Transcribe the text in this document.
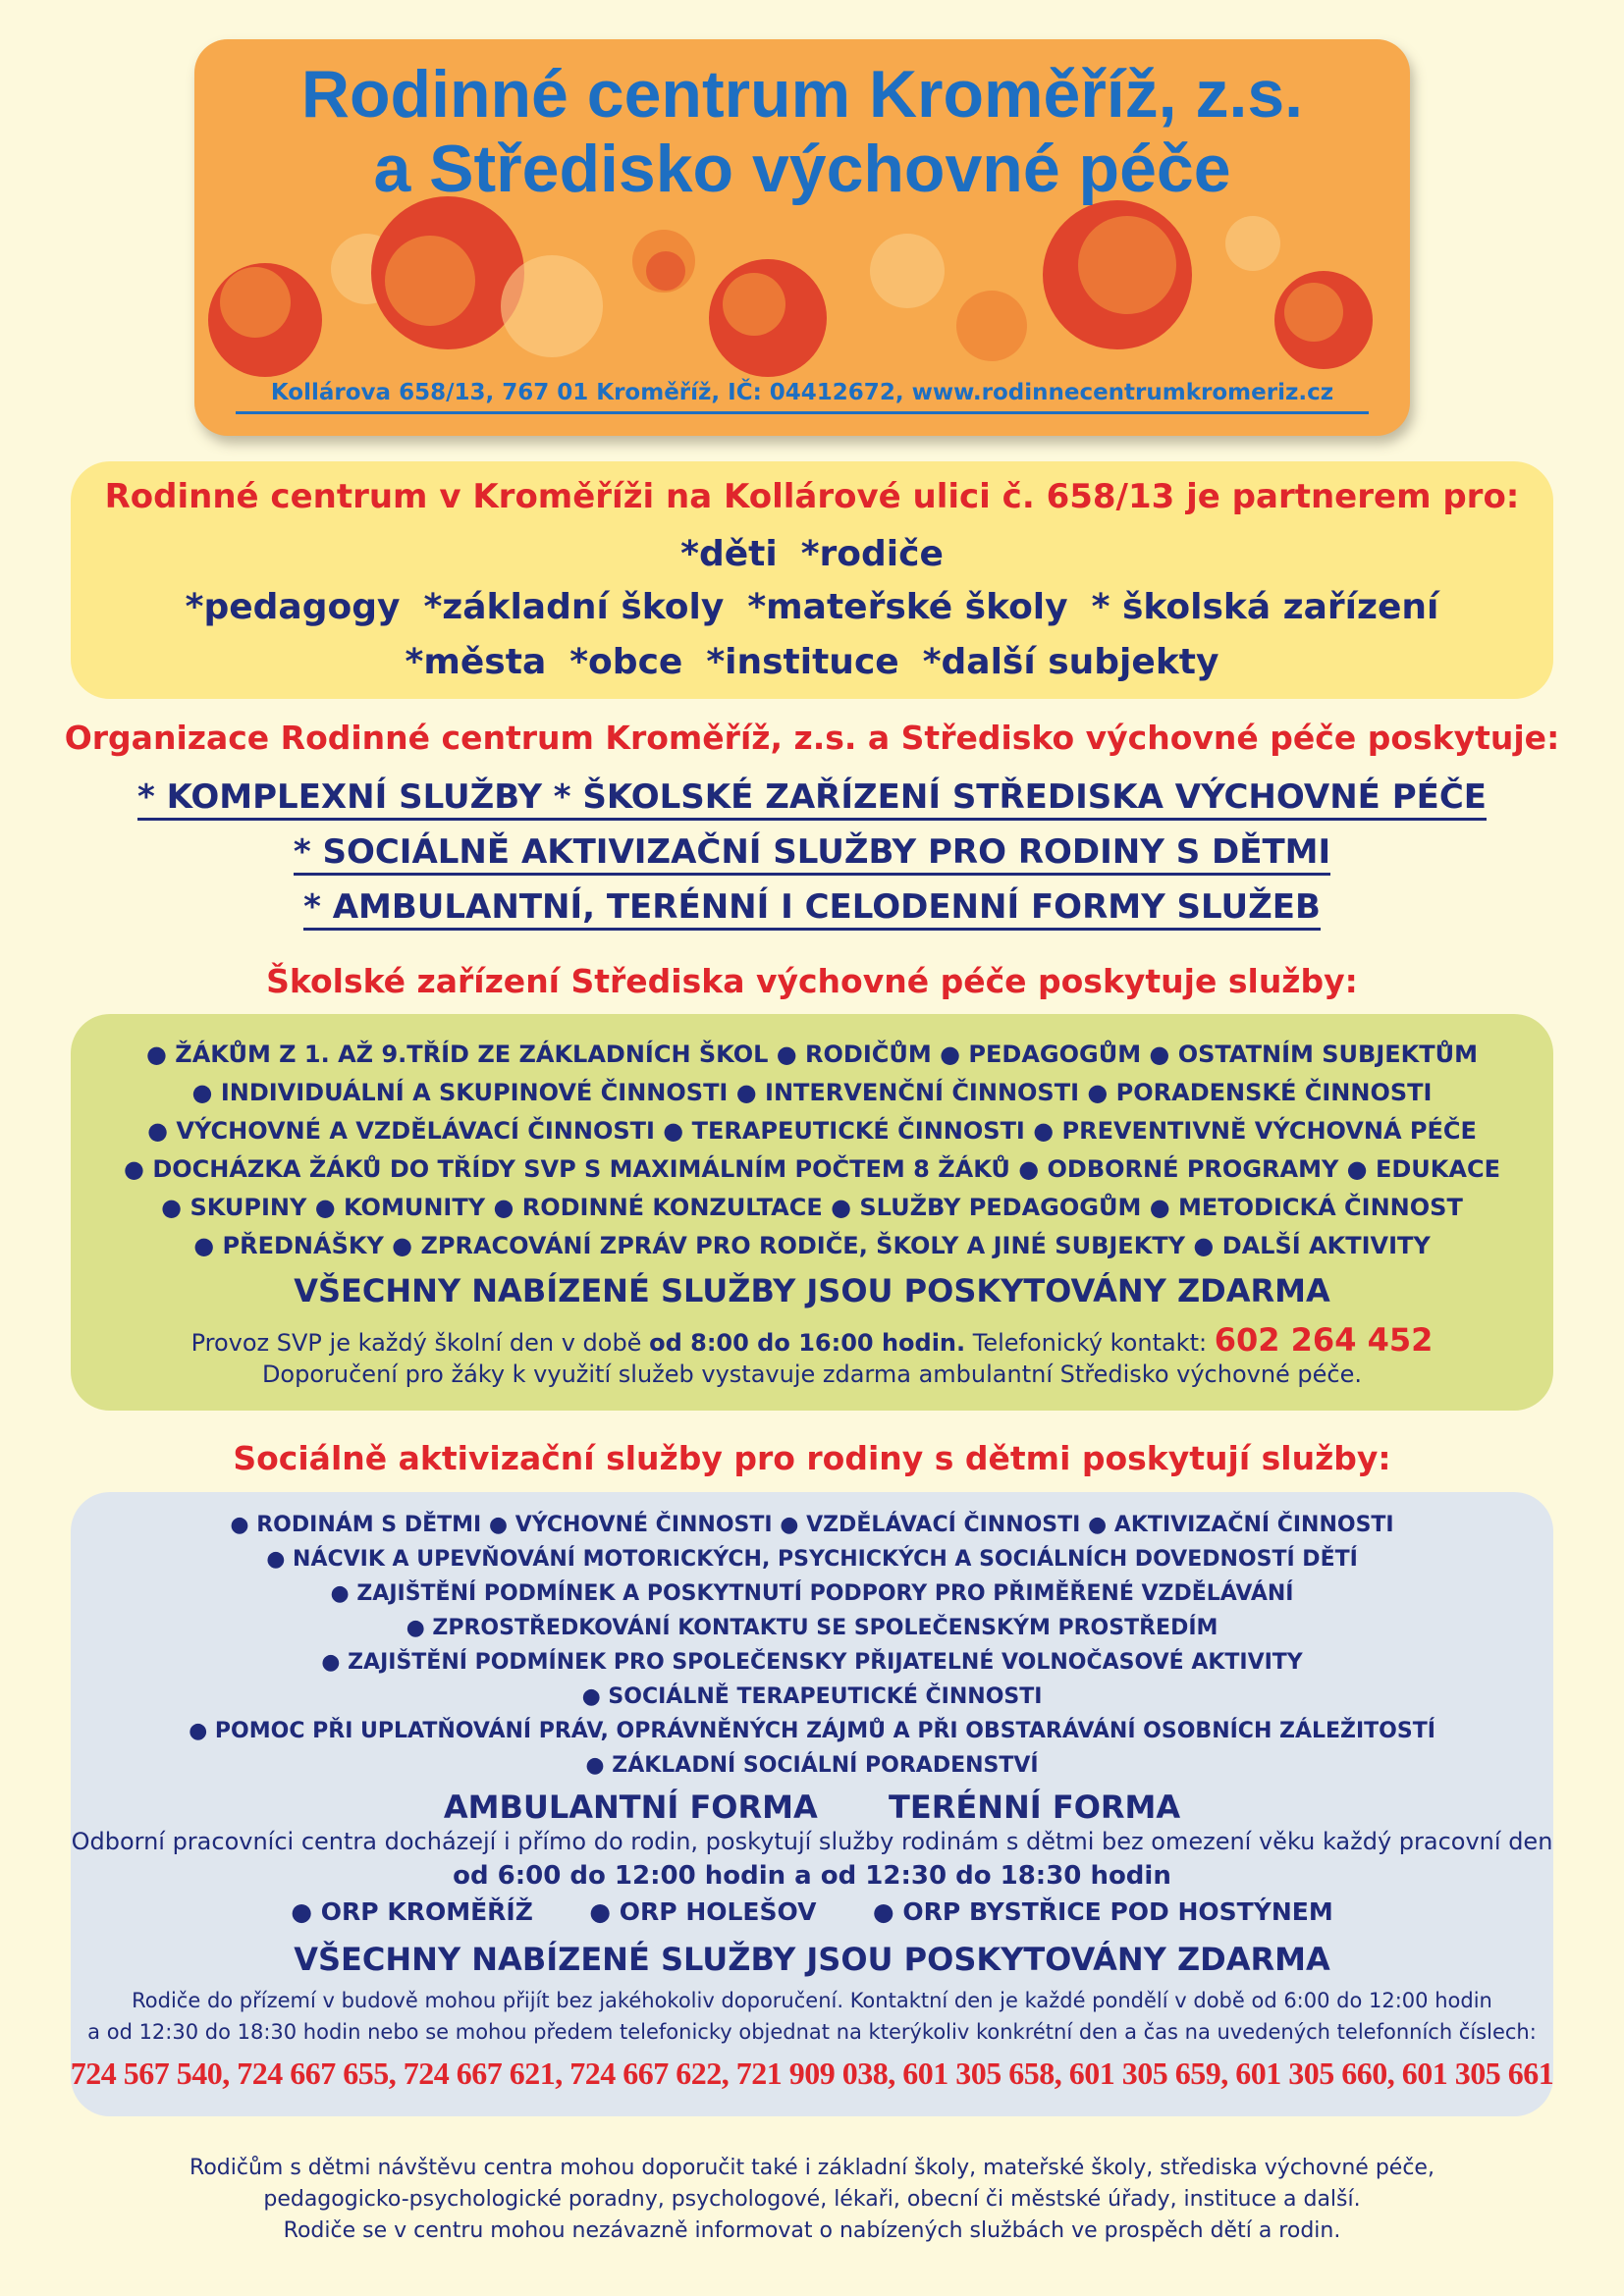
Rodinné centrum Kroměříž, z.s.
a Středisko výchovné péče
Kollárova 658/13, 767 01 Kroměříž, IČ: 04412672, www.rodinnecentrumkromeriz.cz
Rodinné centrum v Kroměříži na Kollárové ulici č. 658/13 je partnerem pro:
*děti *rodiče
*pedagogy *základní školy *mateřské školy * školská zařízení
*města *obce *instituce *další subjekty
Organizace Rodinné centrum Kroměříž, z.s. a Středisko výchovné péče poskytuje:
* KOMPLEXNÍ SLUŽBY * ŠKOLSKÉ ZAŘÍZENÍ STŘEDISKA VÝCHOVNÉ PÉČE
* SOCIÁLNĚ AKTIVIZAČNÍ SLUŽBY PRO RODINY S DĚTMI
* AMBULANTNÍ, TERÉNNÍ I CELODENNÍ FORMY SLUŽEB
Školské zařízení Střediska výchovné péče poskytuje služby:
● ŽÁKŮM Z 1. AŽ 9.TŘÍD ZE ZÁKLADNÍCH ŠKOL ● RODIČŮM ● PEDAGOGŮM ● OSTATNÍM SUBJEKTŮM
● INDIVIDUÁLNÍ A SKUPINOVÉ ČINNOSTI ● INTERVENČNÍ ČINNOSTI ● PORADENSKÉ ČINNOSTI
● VÝCHOVNÉ A VZDĚLÁVACÍ ČINNOSTI ● TERAPEUTICKÉ ČINNOSTI ● PREVENTIVNĚ VÝCHOVNÁ PÉČE
● DOCHÁZKA ŽÁKŮ DO TŘÍDY SVP S MAXIMÁLNÍM POČTEM 8 ŽÁKŮ ● ODBORNÉ PROGRAMY ● EDUKACE
● SKUPINY ● KOMUNITY ● RODINNÉ KONZULTACE ● SLUŽBY PEDAGOGŮM ● METODICKÁ ČINNOST
● PŘEDNÁŠKY ● ZPRACOVÁNÍ ZPRÁV PRO RODIČE, ŠKOLY A JINÉ SUBJEKTY ● DALŠÍ AKTIVITY
VŠECHNY NABÍZENÉ SLUŽBY JSOU POSKYTOVÁNY ZDARMA
Provoz SVP je každý školní den v době od 8:00 do 16:00 hodin. Telefonický kontakt: 602 264 452
Doporučení pro žáky k využití služeb vystavuje zdarma ambulantní Středisko výchovné péče.
Sociálně aktivizační služby pro rodiny s dětmi poskytují služby:
● RODINÁM S DĚTMI ● VÝCHOVNÉ ČINNOSTI ● VZDĚLÁVACÍ ČINNOSTI ● AKTIVIZAČNÍ ČINNOSTI
● NÁCVIK A UPEVŇOVÁNÍ MOTORICKÝCH, PSYCHICKÝCH A SOCIÁLNÍCH DOVEDNOSTÍ DĚTÍ
● ZAJIŠTĚNÍ PODMÍNEK A POSKYTNUTÍ PODPORY PRO PŘIMĚŘENÉ VZDĚLÁVÁNÍ
● ZPROSTŘEDKOVÁNÍ KONTAKTU SE SPOLEČENSKÝM PROSTŘEDÍM
● ZAJIŠTĚNÍ PODMÍNEK PRO SPOLEČENSKY PŘIJATELNÉ VOLNOČASOVÉ AKTIVITY
● SOCIÁLNĚ TERAPEUTICKÉ ČINNOSTI
● POMOC PŘI UPLATŇOVÁNÍ PRÁV, OPRÁVNĚNÝCH ZÁJMŮ A PŘI OBSTARÁVÁNÍ OSOBNÍCH ZÁLEŽITOSTÍ
● ZÁKLADNÍ SOCIÁLNÍ PORADENSTVÍ
AMBULANTNÍ FORMA TERÉNNÍ FORMA
Odborní pracovníci centra docházejí i přímo do rodin, poskytují služby rodinám s dětmi bez omezení věku každý pracovní den
od 6:00 do 12:00 hodin a od 12:30 do 18:30 hodin
● ORP KROMĚŘÍŽ ● ORP HOLEŠOV ● ORP BYSTŘICE POD HOSTÝNEM
VŠECHNY NABÍZENÉ SLUŽBY JSOU POSKYTOVÁNY ZDARMA
Rodiče do přízemí v budově mohou přijít bez jakéhokoliv doporučení. Kontaktní den je každé pondělí v době od 6:00 do 12:00 hodin
a od 12:30 do 18:30 hodin nebo se mohou předem telefonicky objednat na kterýkoliv konkrétní den a čas na uvedených telefonních číslech:
724 567 540, 724 667 655, 724 667 621, 724 667 622, 721 909 038, 601 305 658, 601 305 659, 601 305 660, 601 305 661
Rodičům s dětmi návštěvu centra mohou doporučit také i základní školy, mateřské školy, střediska výchovné péče,
pedagogicko-psychologické poradny, psychologové, lékaři, obecní či městské úřady, instituce a další.
Rodiče se v centru mohou nezávazně informovat o nabízených službách ve prospěch dětí a rodin.
